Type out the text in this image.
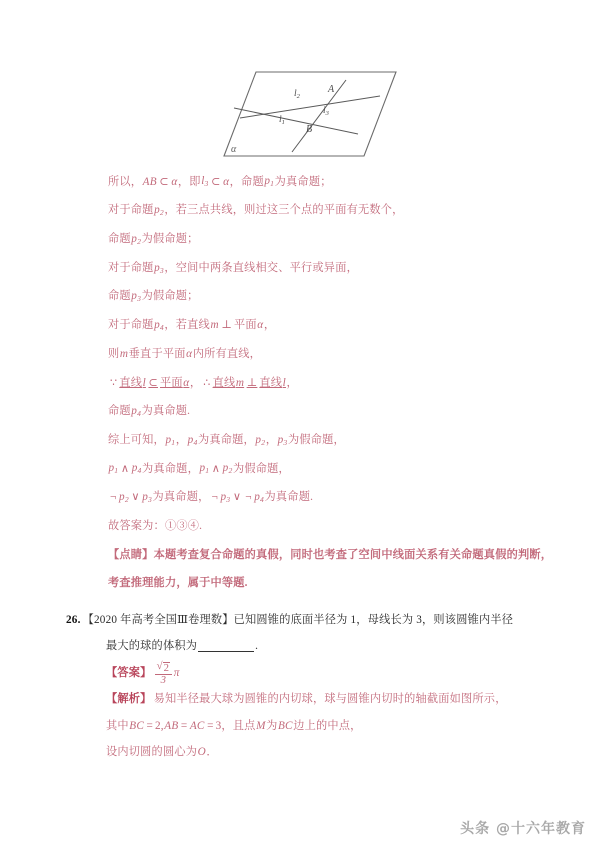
α
$l_2$
A
$l_3$
$l_1$
B
所以， AB ⊂ α ，即 $l_3$ ⊂ α ，命题 $p_1$ 为真命题；
对于命题 $p_2$ ，若三点共线，则过这三个点的平面有无数个，
命题 $p_2$ 为假命题；
对于命题 $p_3$ ，空间中两条直线相交、平行或异面，
命题 $p_3$ 为假命题；
对于命题 $p_4$ ，若直线 m ⊥ 平面 α ，
则 m 垂直于平面 α 内所有直线，
∵ 直线 l ⊂ 平面 α ， ∴ 直线 m ⊥ 直线 l ，
命题 $p_4$ 为真命题.
综上可知， $p_1$ ， $p_4$ 为真命题， $p_2$ ， $p_3$ 为假命题，
$p_1$ ∧ $p_4$ 为真命题， $p_1$ ∧ $p_2$ 为假命题，
¬ $p_2$ ∨ $p_3$ 为真命题， ¬ $p_3$ ∨ ¬ $p_4$ 为真命题.
故答案为：①③④.
【点睛】 本题考查复合命题的真假，同时也考查了空间中线面关系有关命题真假的判断，
考查推理能力，属于中等题.
26. 【2020 年高考全国Ⅲ卷理数】 已知圆锥的底面半径为 1，母线长为 3，则该圆锥内半径
最大的球的体积为	.
【答案】 $\frac{√ 2}{3}$ π
【解析】 易知半径最大球为圆锥的内切球，球与圆锥内切时的轴截面如图所示，
其中 BC = 2 , AB = AC = 3 ，且点 M 为 BC 边上的中点，
设内切圆的圆心为 O ．
头条 @十六年教育
